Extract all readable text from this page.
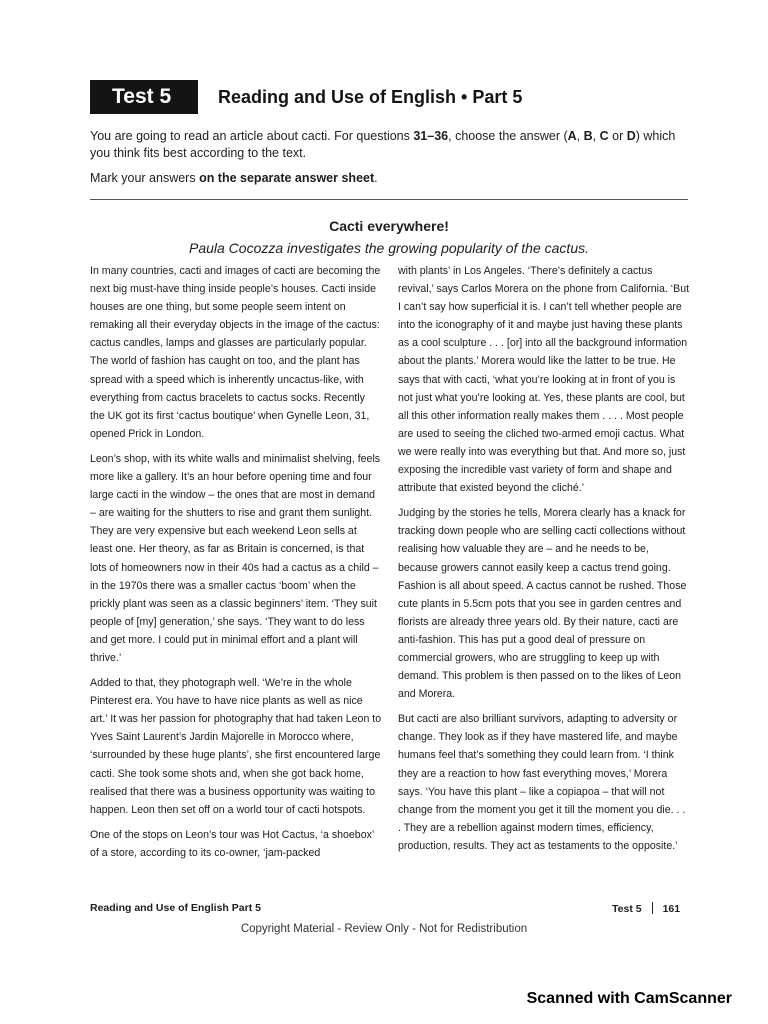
Test 5	Reading and Use of English • Part 5

You are going to read an article about cacti. For questions 31–36, choose the answer (A, B, C or D) which you think fits best according to the text.

Mark your answers on the separate answer sheet.

Cacti everywhere!
Paula Cocozza investigates the growing popularity of the cactus.

In many countries, cacti and images of cacti are becoming the next big must-have thing inside people’s houses. Cacti inside houses are one thing, but some people seem intent on remaking all their everyday objects in the image of the cactus: cactus candles, lamps and glasses are particularly popular. The world of fashion has caught on too, and the plant has spread with a speed which is inherently uncactus-like, with everything from cactus bracelets to cactus socks. Recently the UK got its first ‘cactus boutique’ when Gynelle Leon, 31, opened Prick in London.

Leon’s shop, with its white walls and minimalist shelving, feels more like a gallery. It’s an hour before opening time and four large cacti in the window – the ones that are most in demand – are waiting for the shutters to rise and grant them sunlight. They are very expensive but each weekend Leon sells at least one. Her theory, as far as Britain is concerned, is that lots of homeowners now in their 40s had a cactus as a child – in the 1970s there was a smaller cactus ‘boom’ when the prickly plant was seen as a classic beginners’ item. ‘They suit people of [my] generation,’ she says. ‘They want to do less and get more. I could put in minimal effort and a plant will thrive.’

Added to that, they photograph well. ‘We’re in the whole Pinterest era. You have to have nice plants as well as nice art.’ It was her passion for photography that had taken Leon to Yves Saint Laurent’s Jardin Majorelle in Morocco where, ‘surrounded by these huge plants’, she first encountered large cacti. She took some shots and, when she got back home, realised that there was a business opportunity was waiting to happen. Leon then set off on a world tour of cacti hotspots.

One of the stops on Leon’s tour was Hot Cactus, ‘a shoebox’ of a store, according to its co-owner, ‘jam-packed

with plants’ in Los Angeles. ‘There’s definitely a cactus revival,’ says Carlos Morera on the phone from California. ‘But I can’t say how superficial it is. I can’t tell whether people are into the iconography of it and maybe just having these plants as a cool sculpture . . . [or] into all the background information about the plants.’ Morera would like the latter to be true. He says that with cacti, ‘what you’re looking at in front of you is not just what you’re looking at. Yes, these plants are cool, but all this other information really makes them . . . . Most people are used to seeing the cliched two-armed emoji cactus. What we were really into was everything but that. And more so, just exposing the incredible vast variety of form and shape and attribute that existed beyond the cliché.’

Judging by the stories he tells, Morera clearly has a knack for tracking down people who are selling cacti collections without realising how valuable they are – and he needs to be, because growers cannot easily keep a cactus trend going. Fashion is all about speed. A cactus cannot be rushed. Those cute plants in 5.5cm pots that you see in garden centres and florists are already three years old. By their nature, cacti are anti-fashion. This has put a good deal of pressure on commercial growers, who are struggling to keep up with demand. This problem is then passed on to the likes of Leon and Morera.

But cacti are also brilliant survivors, adapting to adversity or change. They look as if they have mastered life, and maybe humans feel that’s something they could learn from. ‘I think they are a reaction to how fast everything moves,’ Morera says. ‘You have this plant – like a copiapoa – that will not change from the moment you get it till the moment you die. . . . They are a rebellion against modern times, efficiency, production, results. They act as testaments to the opposite.’

Reading and Use of English Part 5	Test 5 161
Copyright Material - Review Only - Not for Redistribution
Scanned with CamScanner
